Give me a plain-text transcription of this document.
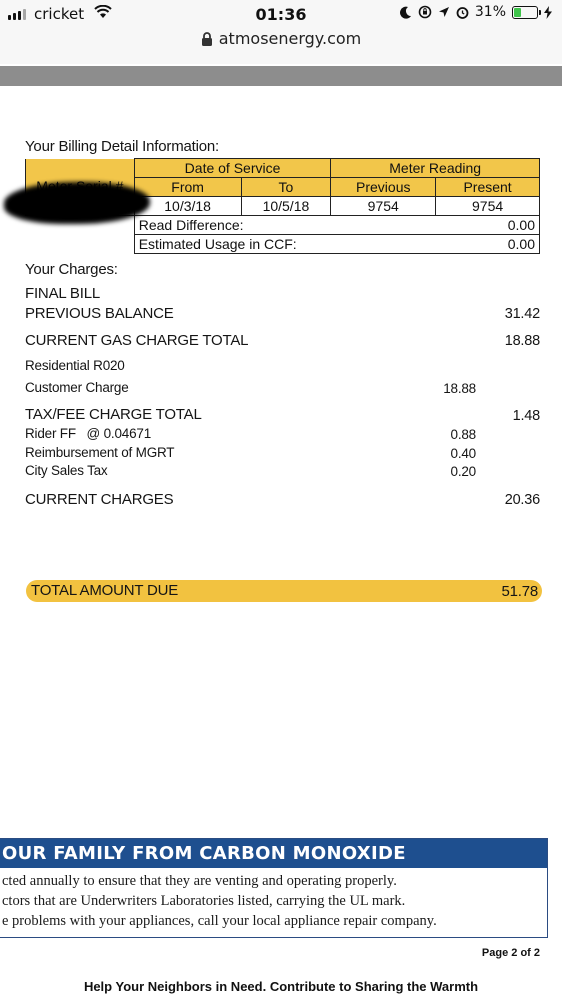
cricket	01:36	31%
atmosenergy.com
Your Billing Detail Information:
	Date of Service		Meter Reading	
	From	To	Previous	Present
	10/3/18	10/5/18	9754	9754
	Read Difference:			0.00
	Estimated Usage in CCF:			0.00
Your Charges:
FINAL BILL
PREVIOUS BALANCE	31.42
CURRENT GAS CHARGE TOTAL	18.88
Residential R020
Customer Charge	18.88
TAX/FEE CHARGE TOTAL	1.48
Rider FF   @ 0.04671	0.88
Reimbursement of MGRT	0.40
City Sales Tax	0.20
CURRENT CHARGES	20.36
TOTAL AMOUNT DUE	51.78
OUR FAMILY FROM CARBON MONOXIDE
cted annually to ensure that they are venting and operating properly.
ctors that are Underwriters Laboratories listed, carrying the UL mark.
e problems with your appliances, call your local appliance repair company.
Page 2 of 2
Help Your Neighbors in Need. Contribute to Sharing the Warmth
